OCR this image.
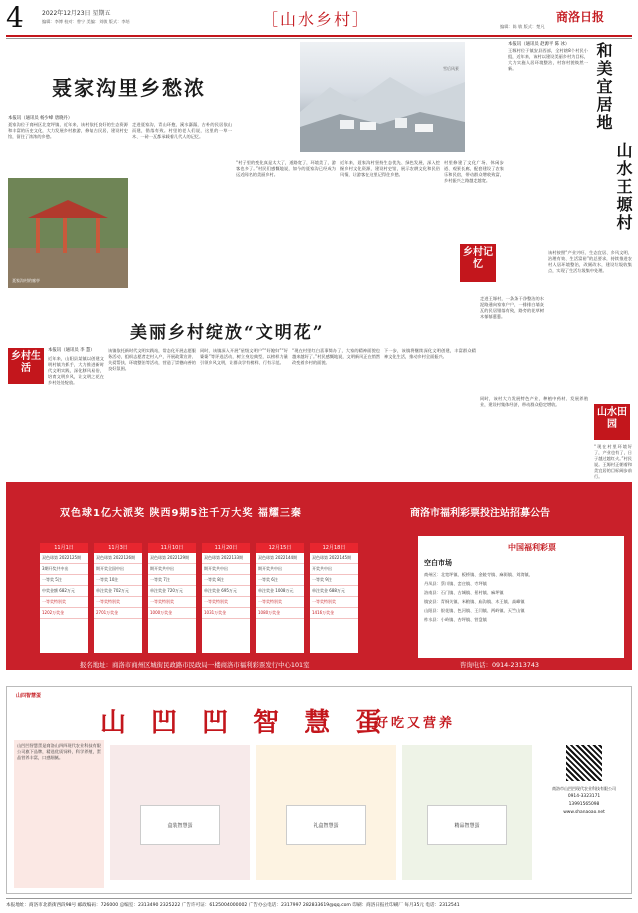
4	2022年12月23日 星期五
编辑：李博 校对：曾宁 美编：刘敏 版式：李培	［山水乡村］	商洛日报
编辑：陈 敏 版式：楚凡
聂家沟里乡愁浓
雪后风景
本报讯（通讯员 杨少峰 唐晓丹）
聂家沟位于商州区北宽坪镇，近年来，该村依托良好的生态资源和丰富的历史文化，大力发展乡村旅游，修复古民居，建设村史馆，留住了浓浓的乡愁。
聂家沟村的廊亭
走进聂家沟，青山环抱，溪水潺潺，古朴的民居依山而建，错落有致。村里的老人们说，这里的一草一木、一砖一瓦都承载着几代人的记忆。
“村子里的变化真是太大了，道路宽了，环境美了，游客也多了。”村民们感慨地说，如今的聂家沟已经成为远近闻名的美丽乡村。
近年来，聂家沟村坚持生态优先、绿色发展，深入挖掘乡村文化资源，建设村史馆，展示农耕文化和民俗风情，让游客在这里记得住乡愁。
村里修建了文化广场、休闲步道、观景长廊，配套建设了农家乐和民宿，带动群众增收致富，乡村振兴之路越走越宽。
乡村记忆
本报讯（通讯员 赵源平 陈 冰）
王塬村位于镇安县西部，全村辖8个村民小组，近年来，该村以建设美丽乡村为目标，大力实施人居环境整治，村容村貌焕然一新。	和美宜居地
山水王塬村
该村按照“产业兴旺、生态宜居、乡风文明、治理有效、生活富裕”的总要求，持续推进农村人居环境整治，改厕改水，建设垃圾收集点，实现了生活垃圾集中处理。
走进王塬村，一条条干净整洁的水泥路通向家家户户，一排排白墙灰瓦的民居错落有致，路旁的花草树木郁郁葱葱。
同时，该村大力发展特色产业，种植中药材、发展养殖业，建设村集体经济，带动群众稳定增收。
山水田园
“现在村里环境好了，产业也有了，日子越过越红火。”村民说。王塬村正朝着和美宜居的目标阔步前行。
美丽乡村绽放“文明花”
乡村生活
本报讯（通讯员 李 慧）
近年来，山阳县某镇以创建文明村镇为抓手，大力推进新时代文明实践，深化移风易俗，培育文明乡风，让文明之花在乡村处处绽放。
该镇依托新时代文明实践站，常态化开展志愿服务活动，组织志愿者走村入户，开展政策宣讲、关爱帮扶、环境整治等活动，营造了崇德向善的良好氛围。
同时，该镇深入开展“星级文明户”“好媳妇”“好婆婆”等评选活动，树立身边典型，以榜样力量引领乡风文明，让群众学有榜样、行有示范。
“现在村里红白喜事简办了，大家的精神面貌也越来越好了。”村民感慨地说，文明新风正在悄然改变着乡村的面貌。
下一步，该镇将继续深化文明创建，丰富群众精神文化生活，推动乡村全面振兴。
双色球1亿大派奖 陕西9期5注千万大奖 福耀三秦	商洛市福利彩票投注站招募公告
11月1日

双色球第 2022125期

3期开奖共中出

一等奖 5注

中奖金额 682万元

一等奖特别奖

1202万奖金

11月3日

双色球第 2022126期

期开奖全国中出

一等奖 10注

单注奖金 702万元

一等奖特别奖

2701万奖金

11月10日

双色球第 2022129期

期开奖共中出

一等奖 7注

单注奖金 720万元

一等奖特别奖

1000万奖金

11月20日

双色球第 2022133期

期开奖共中出

一等奖 8注

单注奖金 695万元

一等奖特别奖

1031万奖金

12月15日

双色球第 2022144期

期开奖共中出

一等奖 6注

单注奖金 1008万元

一等奖特别奖

1080万奖金

12月18日

双色球第 2022145期

开奖共中出

一等奖 9注

单注奖金 688万元

一等奖特别奖

1416万奖金

中国福利彩票
空白市场

商州区：北宽坪镇、板桥镇、金陵寺镇、麻街镇、刘湾镇、

丹凤县：蔡川镇、峦庄镇、寺坪镇

洛南县：石门镇、古城镇、景村镇、麻坪镇

镇安县：青铜关镇、米粮镇、庙沟镇、木王镇、高峰镇

山阳县：银花镇、色河镇、王闫镇、两岭镇、天竺山镇

柞水县：小岭镇、杏坪镇、营盘镇

报名地址：商洛市商州区城街民政路市民政局一楼商洛市福利彩票发行中心101室	咨询电话：0914-2313743
山四智慧蛋
山 凹 凹 智 慧 蛋
好吃又营养
山凹凹智慧蛋是商洛山四四现代农业科技有限公司旗下品牌，精选优质饲料，科学养殖，蛋品营养丰富，口感细腻。
盒装智慧蛋	礼盒智慧蛋	精品智慧蛋
商洛市山凹凹现代农业科技有限公司
0914-3323171
13991565098
www.shanaoao.net
本报地址：商洛市北新街西段98号 邮政编码：726000 总编室：2313490 2325222 广告许可证：6125004000002 广告办公电话：2317997 282833619@qq.com 印刷：商洛日报社印刷厂 每月35元 电话：2312541
